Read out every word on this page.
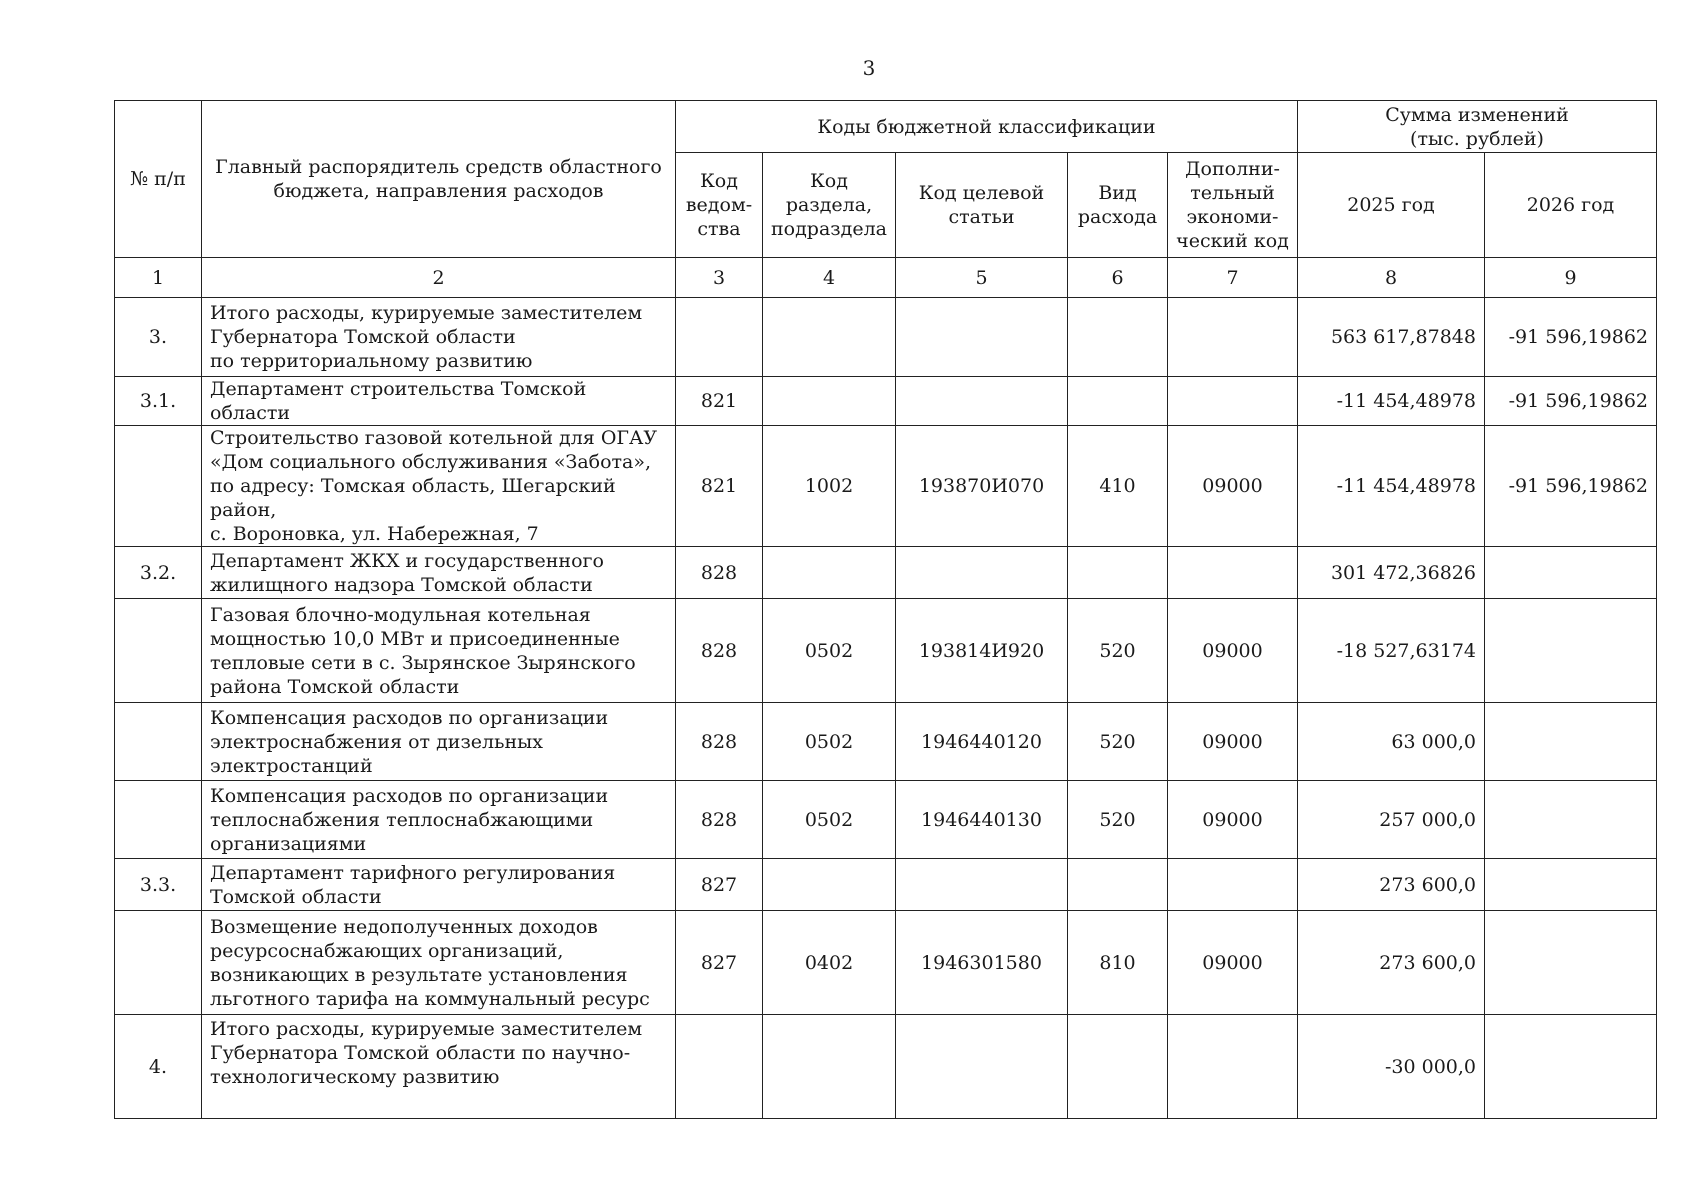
3
№ п/п	Главный распорядитель средств областного бюджета, направления расходов	Коды бюджетной классификации					Сумма изменений
(тыс. рублей)	
		Код
ведом-
ства	Код
раздела,
подраздела	Код целевой
статьи	Вид
расхода	Дополни-
тельный
экономи-
ческий код	2025 год	2026 год
1	2	3	4	5	6	7	8	9
3.	Итого расходы, курируемые заместителем
Губернатора Томской области
по территориальному развитию						563 617,87848	-91 596,19862
3.1.	Департамент строительства Томской области	821					-11 454,48978	-91 596,19862
	Строительство газовой котельной для ОГАУ
«Дом социального обслуживания «Забота»,
по адресу: Томская область, Шегарский район,
с. Вороновка, ул. Набережная, 7	821	1002	193870И070	410	09000	-11 454,48978	-91 596,19862
3.2.	Департамент ЖКХ и государственного
жилищного надзора Томской области	828					301 472,36826	
	Газовая блочно-модульная котельная
мощностью 10,0 МВт и присоединенные
тепловые сети в с. Зырянское Зырянского
района Томской области	828	0502	193814И920	520	09000	-18 527,63174	
	Компенсация расходов по организации
электроснабжения от дизельных
электростанций	828	0502	1946440120	520	09000	63 000,0	
	Компенсация расходов по организации
теплоснабжения теплоснабжающими
организациями	828	0502	1946440130	520	09000	257 000,0	
3.3.	Департамент тарифного регулирования
Томской области	827					273 600,0	
	Возмещение недополученных доходов
ресурсоснабжающих организаций,
возникающих в результате установления
льготного тарифа на коммунальный ресурс	827	0402	1946301580	810	09000	273 600,0	
4.	Итого расходы, курируемые заместителем
Губернатора Томской области по научно-
технологическому развитию						-30 000,0	
